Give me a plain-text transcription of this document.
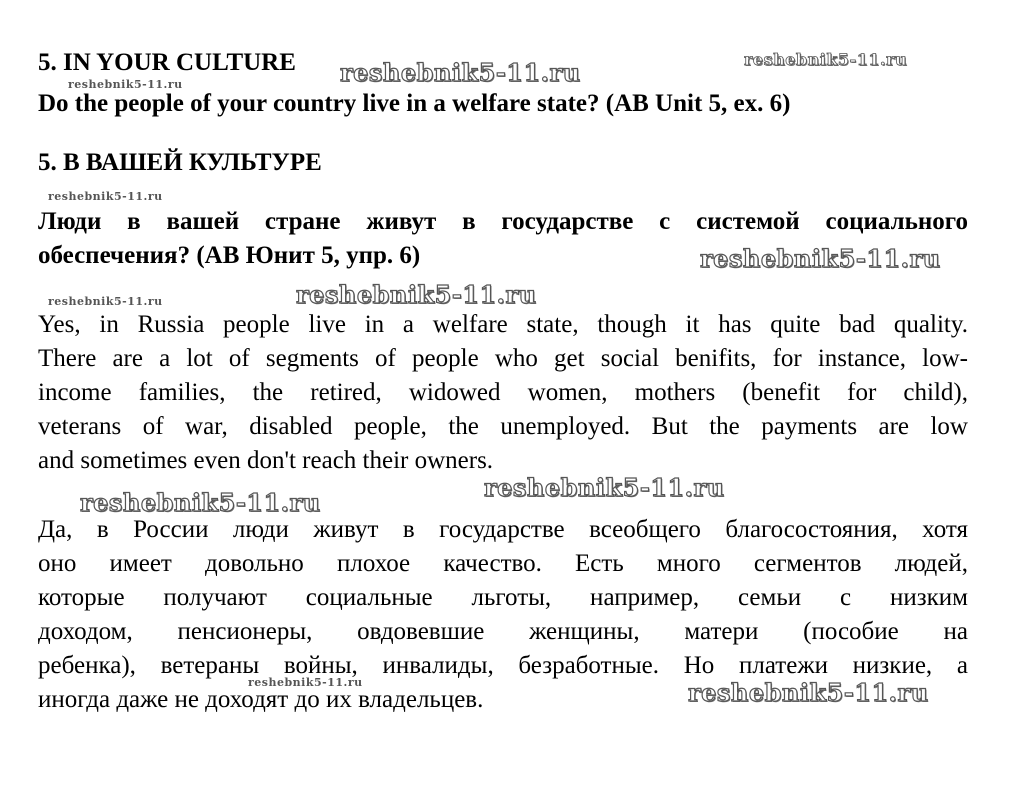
5. IN YOUR CULTURE
Do the people of your country live in a welfare state? (AB Unit 5, ex. 6)
5. В ВАШЕЙ КУЛЬТУРЕ
Люди в вашей стране живут в государстве с системой социального
обеспечения? (АВ Юнит 5, упр. 6)
Yes, in Russia people live in a welfare state, though it has quite bad quality.
There are a lot of segments of people who get social benifits, for instance, low-
income families, the retired, widowed women, mothers (benefit for child),
veterans of war, disabled people, the unemployed. But the payments are low
and sometimes even don't reach their owners.
Да, в России люди живут в государстве всеобщего благосостояния, хотя
оно имеет довольно плохое качество. Есть много сегментов людей,
которые получают социальные льготы, например, семьи с низким
доходом, пенсионеры, овдовевшие женщины, матери (пособие на
ребенка), ветераны войны, инвалиды, безработные. Но платежи низкие, а
иногда даже не доходят до их владельцев.
reshebnik5-11.ru
reshebnik5-11.ru
reshebnik5-11.ru
reshebnik5-11.ru
reshebnik5-11.ru
reshebnik5-11.ru
reshebnik5-11.ru
reshebnik5-11.ru
reshebnik5-11.ru
reshebnik5-11.ru	reshebnik5-11.ru
